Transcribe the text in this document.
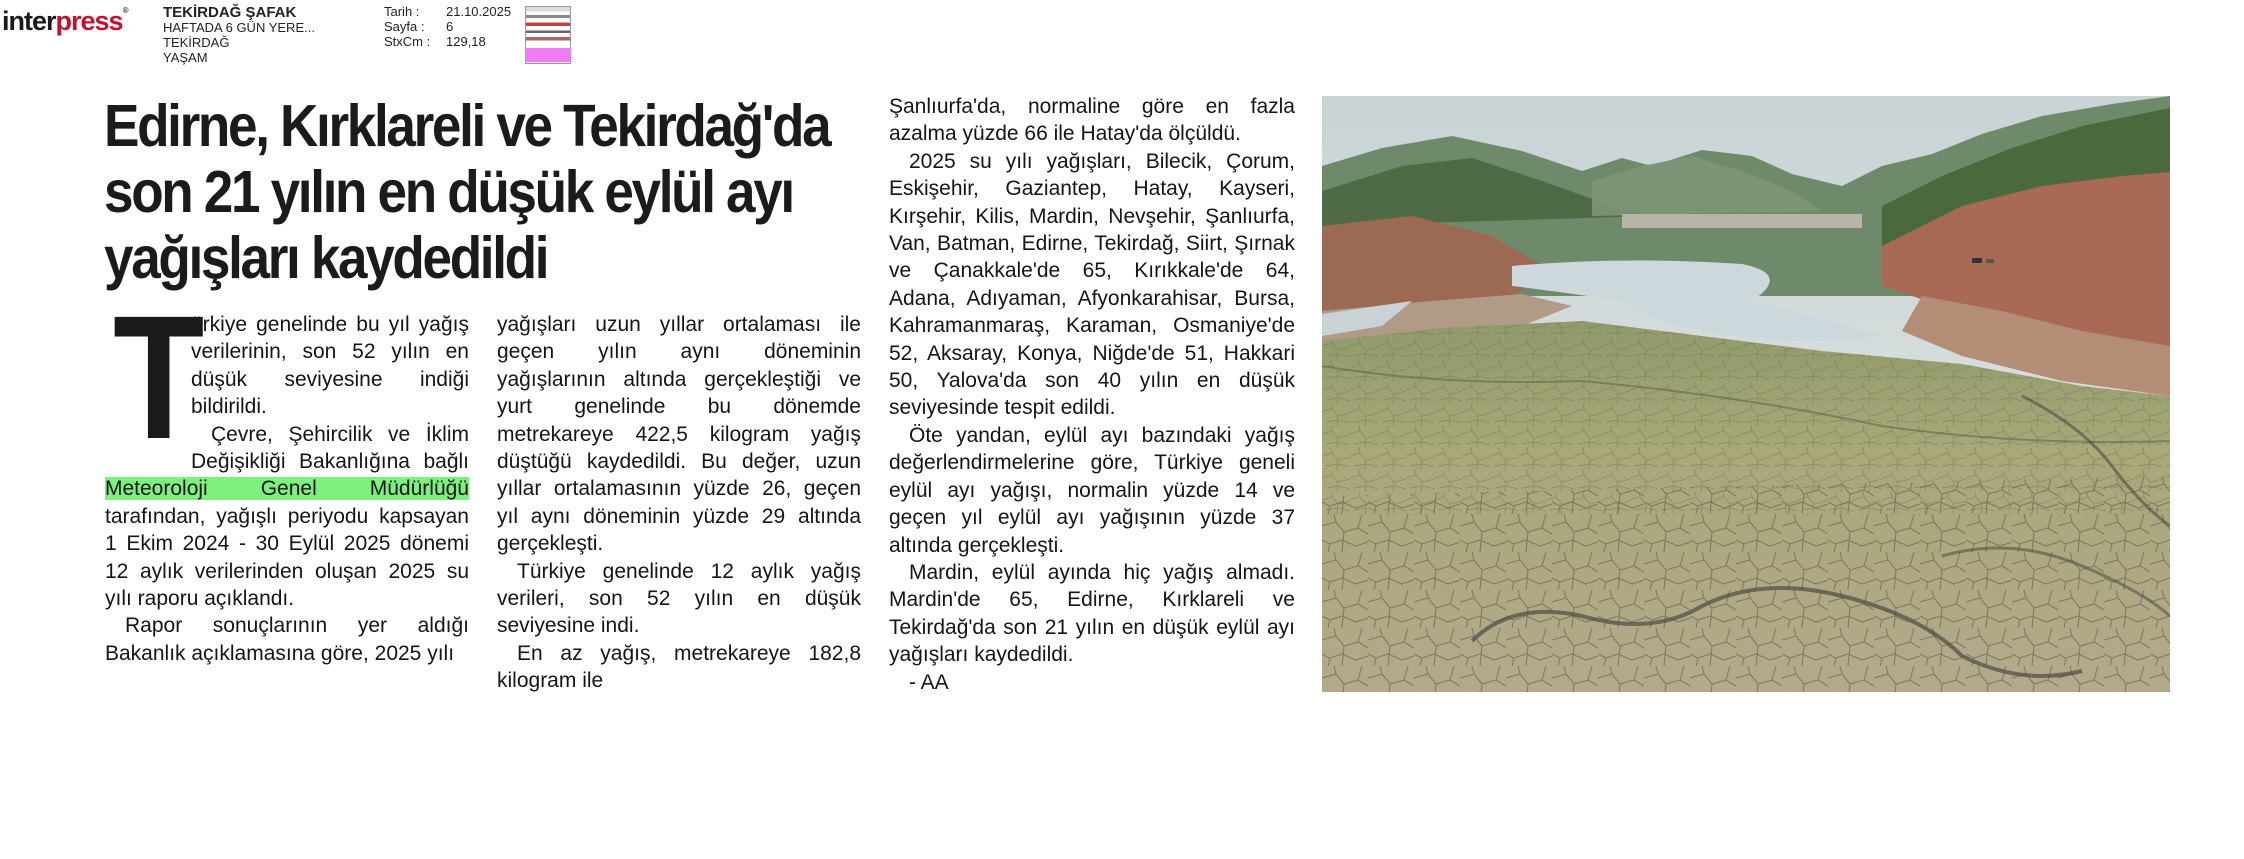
interpress® TEKİRDAĞ ŞAFAK
HAFTADA 6 GÜN YERE...
TEKİRDAĞ
YAŞAM
Tarih :	21.10.2025
Sayfa :	6
StxCm :	129,18
Edirne, Kırklareli ve Tekirdağ'da
son 21 yılın en düşük eylül ayı
yağışları kaydedildi

T
ürkiye genelinde bu yıl yağış verilerinin, son 52 yılın en düşük seviyesine indiği bildirildi.

Çevre, Şehircilik ve İklim Değişikliği Bakanlığına bağlı Meteoroloji Genel Müdürlüğü tarafından, yağışlı periyodu kapsayan 1 Ekim 2024 - 30 Eylül 2025 dönemi 12 aylık verilerinden oluşan 2025 su yılı raporu açıklandı.

Rapor sonuçlarının yer aldığı Bakanlık açıklamasına göre, 2025 yılı

yağışları uzun yıllar ortalaması ile geçen yılın aynı döneminin yağışlarının altında gerçekleştiği ve yurt genelinde bu dönemde metrekareye 422,5 kilogram yağış düştüğü kaydedildi. Bu değer, uzun yıllar ortalamasının yüzde 26, geçen yıl aynı döneminin yüzde 29 altında gerçekleşti.

Türkiye genelinde 12 aylık yağış verileri, son 52 yılın en düşük seviyesine indi.

En az yağış, metrekareye 182,8 kilogram ile

Şanlıurfa'da, normaline göre en fazla azalma yüzde 66 ile Hatay'da ölçüldü.

2025 su yılı yağışları, Bilecik, Çorum, Eskişehir, Gaziantep, Hatay, Kayseri, Kırşehir, Kilis, Mardin, Nevşehir, Şanlıurfa, Van, Batman, Edirne, Tekirdağ, Siirt, Şırnak ve Çanakkale'de 65, Kırıkkale'de 64, Adana, Adıyaman, Afyonkarahisar, Bursa, Kahramanmaraş, Karaman, Osmaniye'de 52, Aksaray, Konya, Niğde'de 51, Hakkari 50, Yalova'da son 40 yılın en düşük seviyesinde tespit edildi.

Öte yandan, eylül ayı bazındaki yağış değerlendirmelerine göre, Türkiye geneli eylül ayı yağışı, normalin yüzde 14 ve geçen yıl eylül ayı yağışının yüzde 37 altında gerçekleşti.

Mardin, eylül ayında hiç yağış almadı. Mardin'de 65, Edirne, Kırklareli ve Tekirdağ'da son 21 yılın en düşük eylül ayı yağışları kaydedildi.

- AA
